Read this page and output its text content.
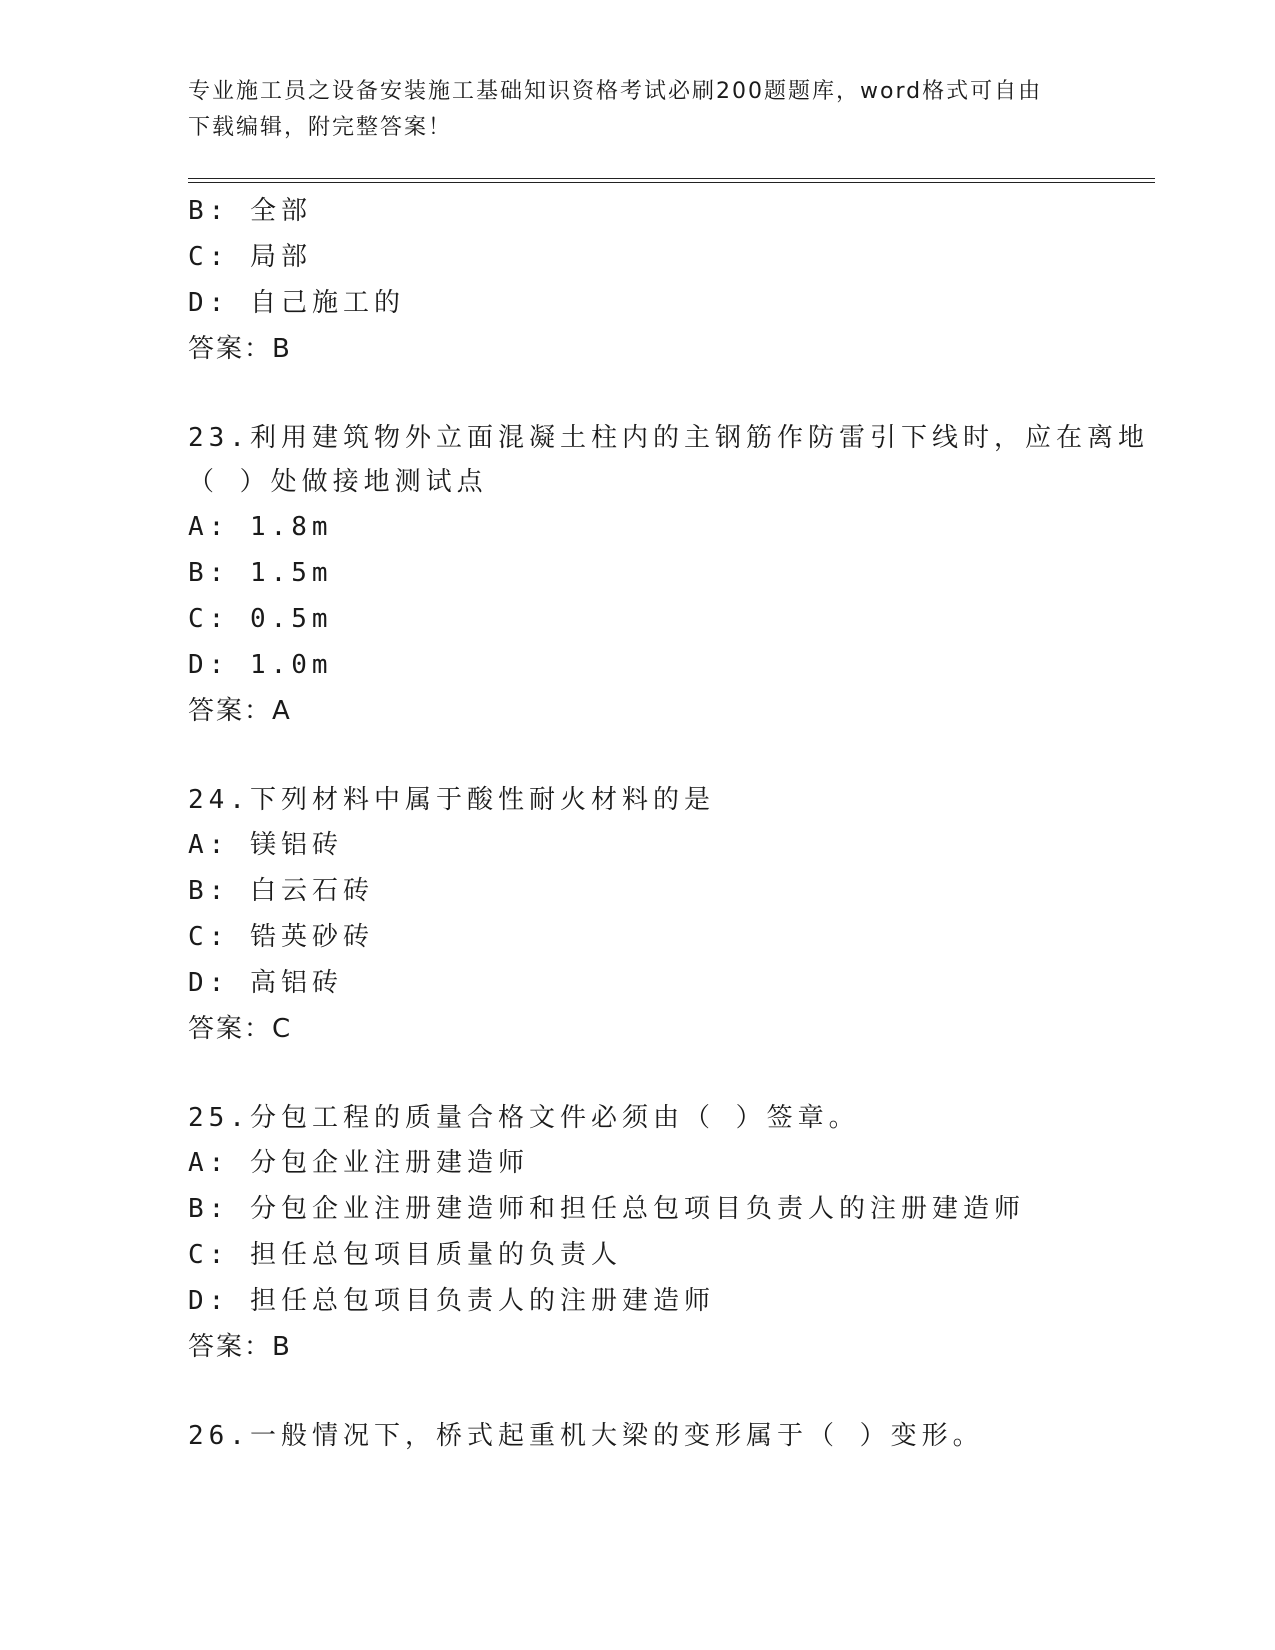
专业施工员之设备安装施工基础知识资格考试必刷200题题库，word格式可自由
下载编辑，附完整答案！
B: 全部
C: 局部
D: 自己施工的
答案：B
23.利用建筑物外立面混凝土柱内的主钢筋作防雷引下线时，应在离地
（ ）处做接地测试点
A: 1.8m
B: 1.5m
C: 0.5m
D: 1.0m
答案：A
24.下列材料中属于酸性耐火材料的是
A: 镁铝砖
B: 白云石砖
C: 锆英砂砖
D: 高铝砖
答案：C
25.分包工程的质量合格文件必须由（ ）签章。
A: 分包企业注册建造师
B: 分包企业注册建造师和担任总包项目负责人的注册建造师
C: 担任总包项目质量的负责人
D: 担任总包项目负责人的注册建造师
答案：B
26.一般情况下，桥式起重机大梁的变形属于（ ）变形。
